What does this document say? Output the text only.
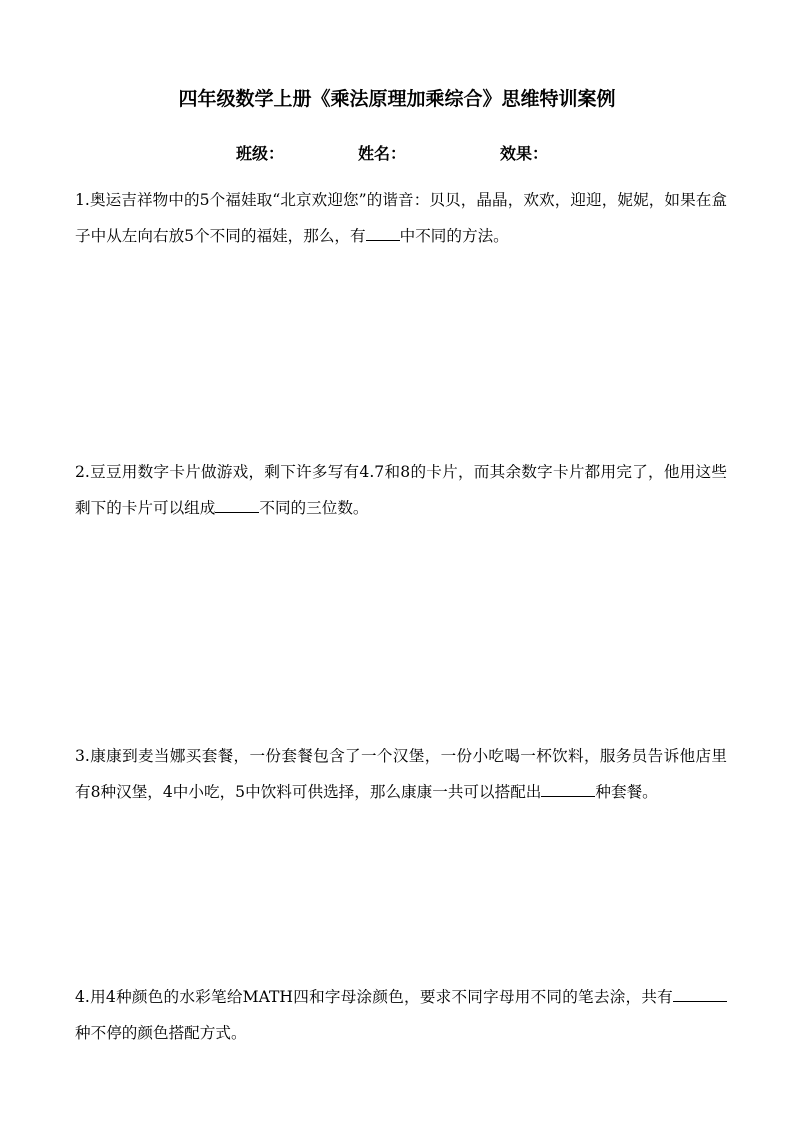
四年级数学上册《乘法原理加乘综合》思维特训案例
班级：	姓名：	效果：
1.奥运吉祥物中的5个福娃取“北京欢迎您”的谐音：贝贝，晶晶，欢欢，迎迎，妮妮，如果在盒子中从左向右放5个不同的福娃，那么，有 中不同的方法。
2.豆豆用数字卡片做游戏，剩下许多写有4.7和8的卡片，而其余数字卡片都用完了，他用这些剩下的卡片可以组成	不同的三位数。
3.康康到麦当娜买套餐，一份套餐包含了一个汉堡，一份小吃喝一杯饮料，服务员告诉他店里有8种汉堡，4中小吃，5中饮料可供选择，那么康康一共可以搭配出	种套餐。
4.用4种颜色的水彩笔给MATH四和字母涂颜色，要求不同字母用不同的笔去涂，共有种不停的颜色搭配方式。
